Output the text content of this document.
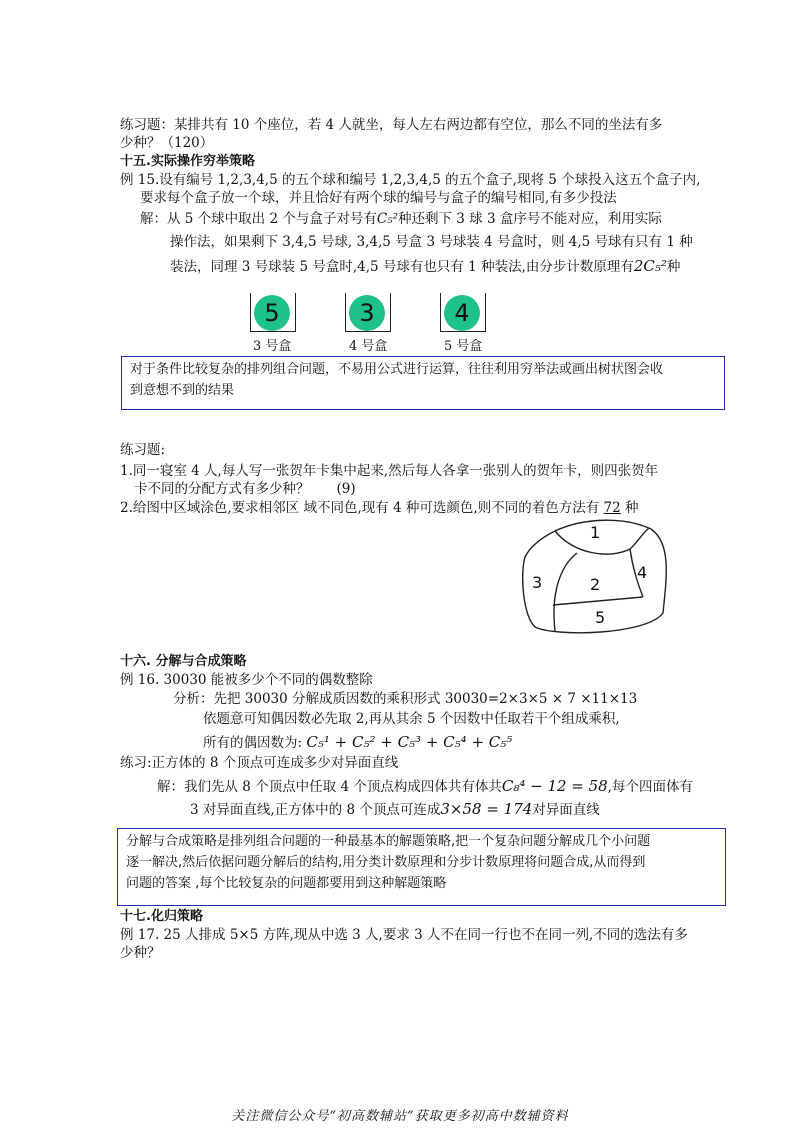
练习题：某排共有 10 个座位，若 4 人就坐，每人左右两边都有空位，那么不同的坐法有多
少种？（120）
十五.实际操作穷举策略
例 15.设有编号 1,2,3,4,5 的五个球和编号 1,2,3,4,5 的五个盒子,现将 5 个球投入这五个盒子内,
要求每个盒子放一个球，并且恰好有两个球的编号与盒子的编号相同,有多少投法
解：从 5 个球中取出 2 个与盒子对号有C₅²种还剩下 3 球 3 盒序号不能对应，利用实际
操作法，如果剩下 3,4,5 号球, 3,4,5 号盒 3 号球装 4 号盒时，则 4,5 号球有只有 1 种
装法，同理 3 号球装 5 号盒时,4,5 号球有也只有 1 种装法,由分步计数原理有2C₅²种
5
3 号盒
3
4 号盒
4
5 号盒
对于条件比较复杂的排列组合问题，不易用公式进行运算，往往利用穷举法或画出树状图会收
到意想不到的结果
练习题:
1.同一寝室 4 人,每人写一张贺年卡集中起来,然后每人各拿一张别人的贺年卡，则四张贺年
卡不同的分配方式有多少种？　　(9)
2.给图中区域涂色,要求相邻区 域不同色,现有 4 种可选颜色,则不同的着色方法有 72 种
1
2
3
4
5
十六. 分解与合成策略
例 16. 30030 能被多少个不同的偶数整除
分析：先把 30030 分解成质因数的乘积形式 30030=2×3×5 × 7 ×11×13
依题意可知偶因数必先取 2,再从其余 5 个因数中任取若干个组成乘积,
所有的偶因数为: C₅¹ + C₅² + C₅³ + C₅⁴ + C₅⁵
练习:正方体的 8 个顶点可连成多少对异面直线
解：我们先从 8 个顶点中任取 4 个顶点构成四体共有体共C₈⁴ − 12 = 58,每个四面体有
3 对异面直线,正方体中的 8 个顶点可连成3×58 = 174对异面直线
分解与合成策略是排列组合问题的一种最基本的解题策略,把一个复杂问题分解成几个小问题
逐一解决,然后依据问题分解后的结构,用分类计数原理和分步计数原理将问题合成,从而得到
问题的答案 ,每个比较复杂的问题都要用到这种解题策略
十七.化归策略
例 17. 25 人排成 5×5 方阵,现从中选 3 人,要求 3 人不在同一行也不在同一列,不同的选法有多
少种？
关注微信公众号“初高数辅站”获取更多初高中数辅资料
